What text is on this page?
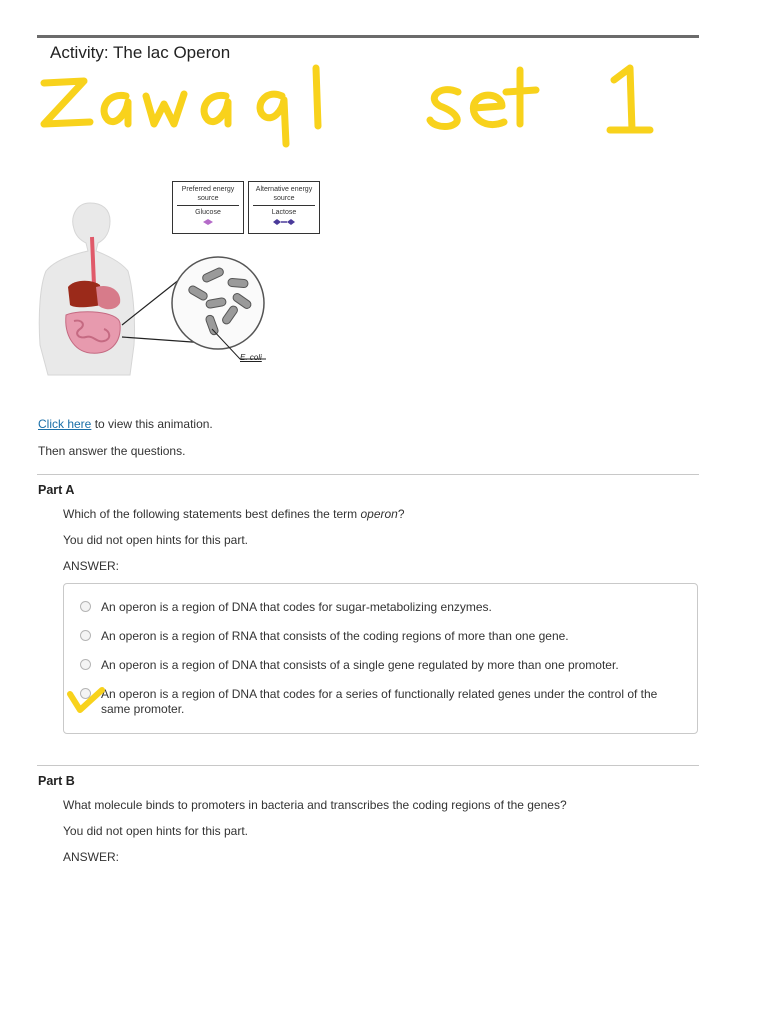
Activity: The lac Operon
Preferred energy source
Glucose
Alternative energy source
Lactose
E. coli
Click here to view this animation.
Then answer the questions.
Part A
Which of the following statements best defines the term operon?
You did not open hints for this part.
ANSWER:
An operon is a region of DNA that codes for sugar-metabolizing enzymes.
An operon is a region of RNA that consists of the coding regions of more than one gene.
An operon is a region of DNA that consists of a single gene regulated by more than one promoter.
An operon is a region of DNA that codes for a series of functionally related genes under the control of the same promoter.
Part B
What molecule binds to promoters in bacteria and transcribes the coding regions of the genes?
You did not open hints for this part.
ANSWER:
